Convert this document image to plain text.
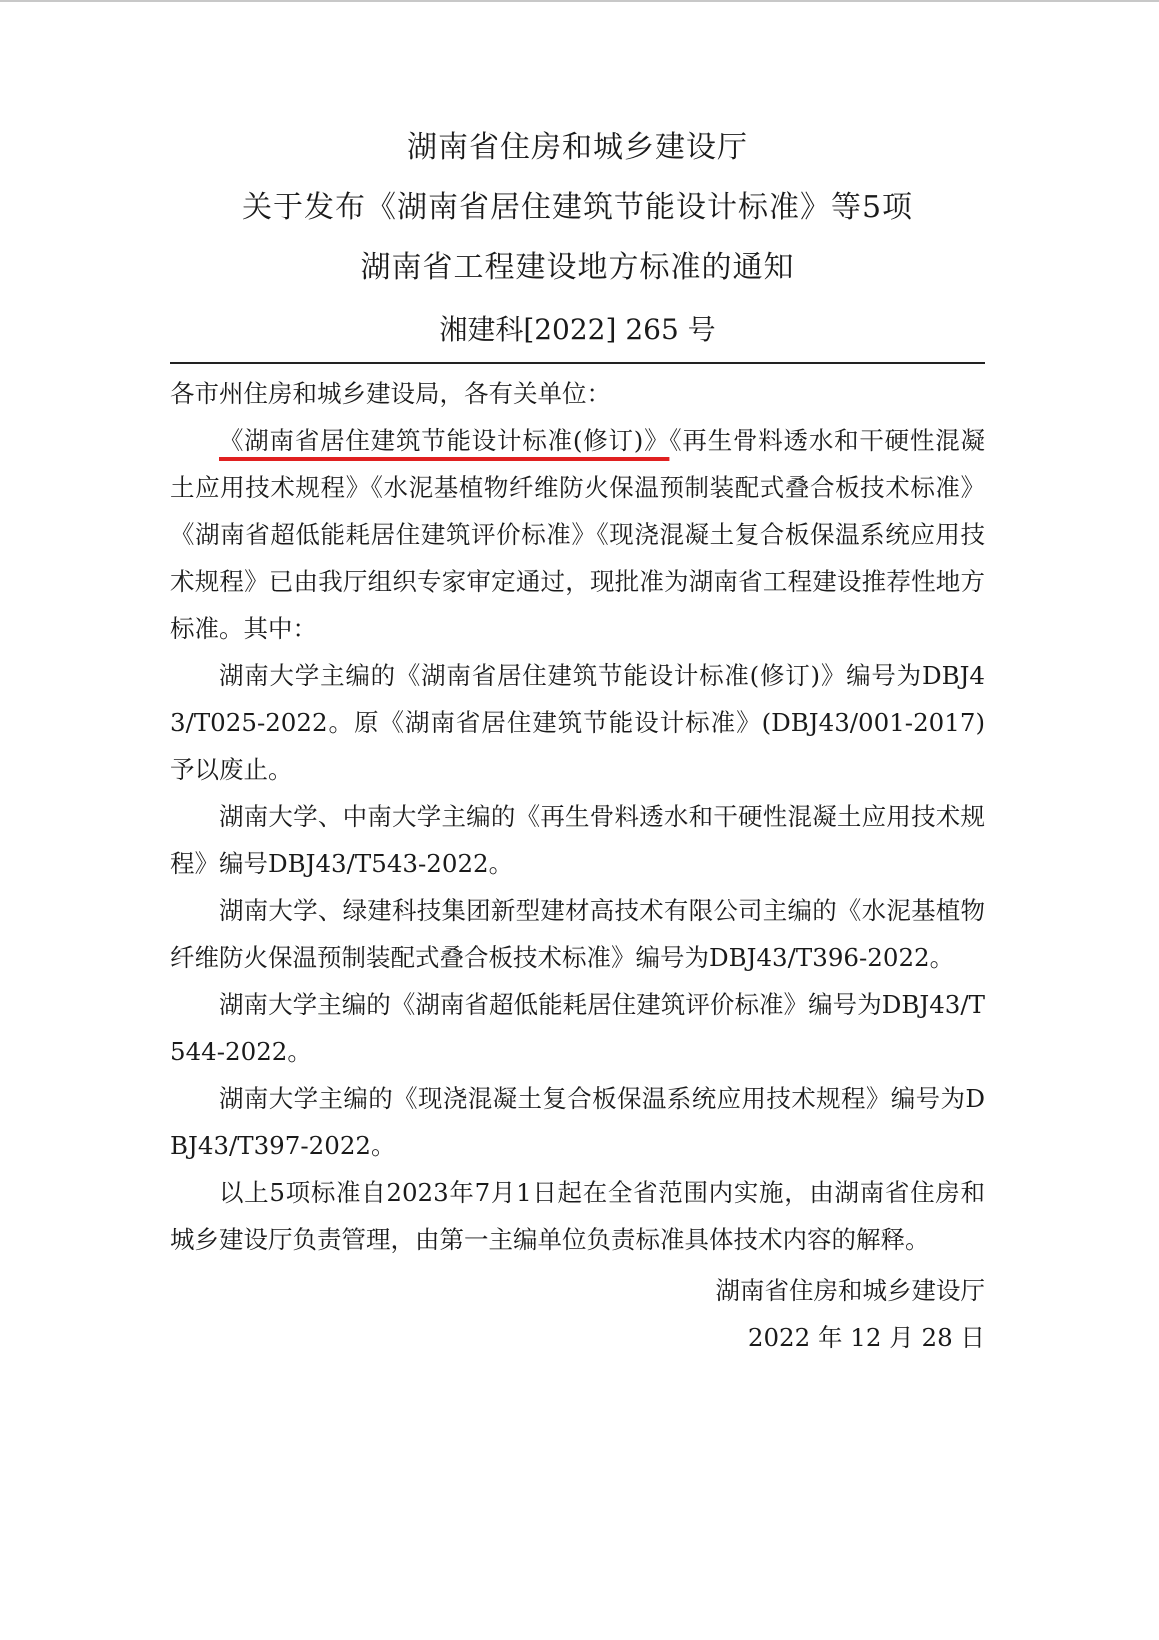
湖南省住房和城乡建设厅
关于发布《湖南省居住建筑节能设计标准》等5项
湖南省工程建设地方标准的通知
湘建科[2022] 265 号

各市州住房和城乡建设局，各有关单位：

《湖南省居住建筑节能设计标准(修订)》《再生骨料透水和干硬性混凝土应用技术规程》《水泥基植物纤维防火保温预制装配式叠合板技术标准》《湖南省超低能耗居住建筑评价标准》《现浇混凝土复合板保温系统应用技术规程》已由我厅组织专家审定通过，现批准为湖南省工程建设推荐性地方标准。其中：

湖南大学主编的《湖南省居住建筑节能设计标准(修订)》编号为DBJ43/T025-2022。原《湖南省居住建筑节能设计标准》(DBJ43/001-2017)予以废止。

湖南大学、中南大学主编的《再生骨料透水和干硬性混凝土应用技术规程》编号DBJ43/T543-2022。

湖南大学、绿建科技集团新型建材高技术有限公司主编的《水泥基植物纤维防火保温预制装配式叠合板技术标准》编号为DBJ43/T396-2022。

湖南大学主编的《湖南省超低能耗居住建筑评价标准》编号为DBJ43/T544-2022。

湖南大学主编的《现浇混凝土复合板保温系统应用技术规程》编号为DBJ43/T397-2022。

以上5项标准自2023年7月1日起在全省范围内实施，由湖南省住房和城乡建设厅负责管理，由第一主编单位负责标准具体技术内容的解释。

湖南省住房和城乡建设厅
2022 年 12 月 28 日
